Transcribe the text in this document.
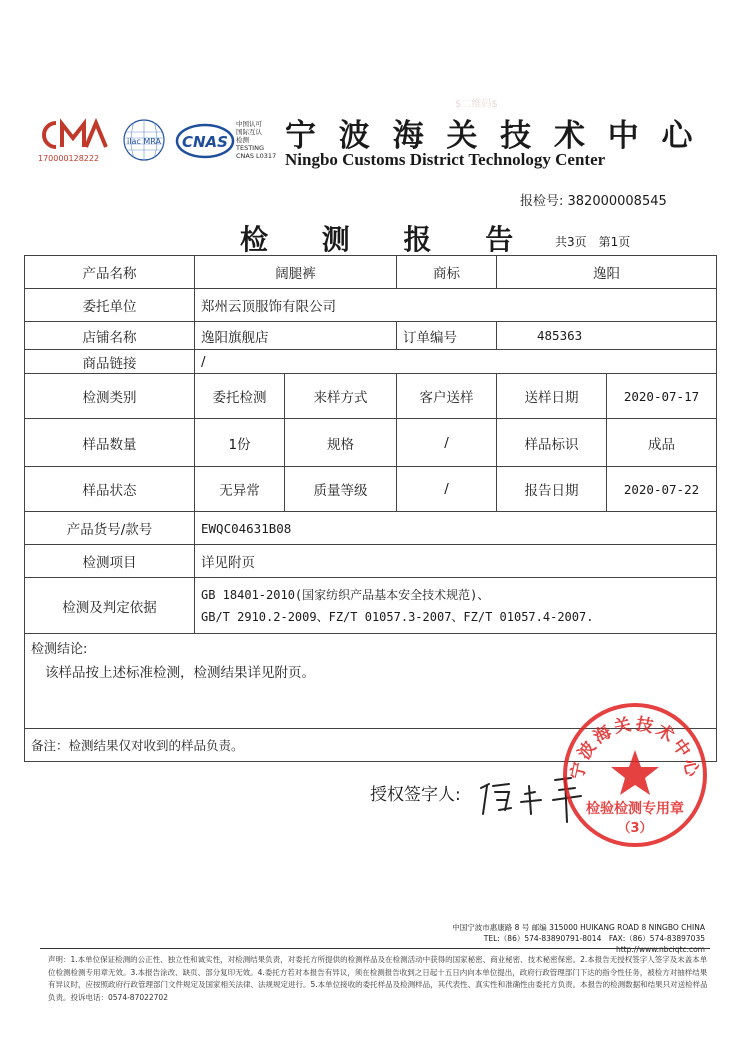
$二维码$
170000128222
ilac MRA CNAS
中国认可
国际互认
检测
TESTING
CNAS L0317
宁 波 海 关 技 术 中 心
Ningbo Customs District Technology Center
报检号: 382000008545
检 测 报 告 共3页　第1页
产品名称	阔腿裤		商标	逸阳	
委托单位	郑州云顶服饰有限公司				
店铺名称	逸阳旗舰店		订单编号	485363	
商品链接	/				
检测类别	委托检测	来样方式	客户送样	送样日期	2020-07-17
样品数量	1份	规格	/	样品标识	成品
样品状态	无异常	质量等级	/	报告日期	2020-07-22
产品货号/款号	EWQC04631B08				
检测项目	详见附页				
检测及判定依据	GB 18401-2010(国家纺织产品基本安全技术规范)、
GB/T 2910.2-2009、FZ/T 01057.3-2007、FZ/T 01057.4-2007.				

检测结论:
该样品按上述标准检测，检测结果详见附页。					

备注：检测结果仅对收到的样品负责。					
授权签字人:
宁波海关技术中心
检验检测专用章
（3）
中国宁波市惠康路 8 号 邮编 315000 HUIKANG ROAD 8 NINGBO CHINA
TEL:（86）574-83890791-8014　FAX:（86）574-83897035 http://www.nbciqtc.com
声明：1.本单位保证检测的公正性、独立性和诚实性，对检测结果负责，对委托方所提供的检测样品及在检测活动中获得的国家秘密、商业秘密、技术秘密保密。2.本报告无授权签字人签字及未盖本单位检测检测专用章无效。3.本报告涂改、缺页、部分复印无效。4.委托方若对本报告有异议，须在检测报告收到之日起十五日内向本单位提出，政府行政管理部门下达的指令性任务，被检方对抽样结果有异议时，应按照政府行政管理部门文件规定及国家相关法律、法规规定进行。5.本单位接收的委托样品及检测样品，其代表性、真实性和准确性由委托方负责。本报告的检测数据和结果只对送检样品负责。投诉电话：0574-87022702
